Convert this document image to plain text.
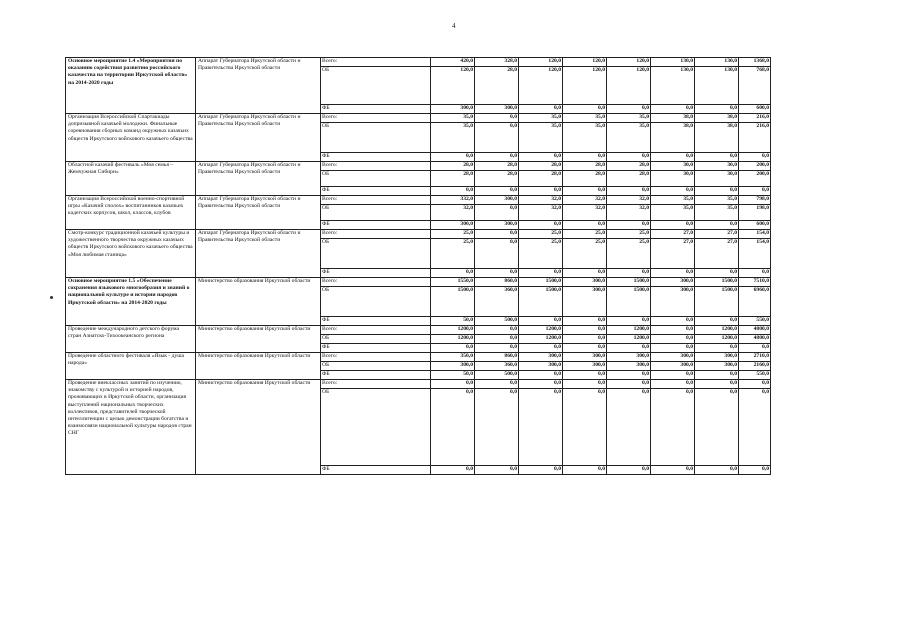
4
Основное мероприятие 1.4 «Мероприятия по оказанию содействия развитию российского казачества на территории Иркутской области» на 2014-2020 годы	Аппарат Губернатора Иркутской области и Правительства Иркутской области	Всего:	420,0	328,0	120,0	120,0	120,0	130,0	130,0	1368,0
		ОБ	120,0	28,0	120,0	120,0	120,0	130,0	130,0	768,0
		ФБ	300,0	300,0	0,0	0,0	0,0	0,0	0,0	600,0
Организация Всероссийской Спартакиады допризывной казачьей молодежи. Финальные соревнования сборных команд окружных казачьих обществ Иркутского войскового казачьего общества	Аппарат Губернатора Иркутской области и Правительства Иркутской области	Всего:	35,0	0,0	35,0	35,0	35,0	38,0	38,0	216,0
		ОБ	35,0	0,0	35,0	35,0	35,0	38,0	38,0	216,0
		ФБ	0,0	0,0	0,0	0,0	0,0	0,0	0,0	0,0
Областной казачий фестиваль «Моя семья – Жемчужная Сибири»	Аппарат Губернатора Иркутской области и Правительства Иркутской области	Всего:	28,0	28,0	28,0	28,0	28,0	30,0	30,0	200,0
		ОБ	28,0	28,0	28,0	28,0	28,0	30,0	30,0	200,0
		ФБ	0,0	0,0	0,0	0,0	0,0	0,0	0,0	0,0
Организация Всероссийской военно-спортивной игры «Казачий сполох» воспитанников казачьих кадетских корпусов, школ, классов, клубов	Аппарат Губернатора Иркутской области и Правительства Иркутской области	Всего:	332,0	300,0	32,0	32,0	32,0	35,0	35,0	798,0
		ОБ	32,0	0,0	32,0	32,0	32,0	35,0	35,0	198,0
		ФБ	300,0	300,0	0,0	0,0	0,0	0,0	0,0	600,0
Смотр-конкурс традиционной казачьей культуры и художественного творчества окружных казачьих обществ Иркутского войскового казачьего общества «Моя любимая станица»	Аппарат Губернатора Иркутской области и Правительства Иркутской области	Всего:	25,0	0,0	25,0	25,0	25,0	27,0	27,0	154,0
		ОБ	25,0	0,0	25,0	25,0	25,0	27,0	27,0	154,0
		ФБ	0,0	0,0	0,0	0,0	0,0	0,0	0,0	0,0
Основное мероприятие 1.5 «Обеспечение сохранения языкового многообразия и знаний о национальной культуре и истории народов Иркутской области» на 2014-2020 годы	Министерство образования Иркутской области	Всего:	1550,0	860,0	1500,0	300,0	1500,0	300,0	1500,0	7510,0
		ОБ	1500,0	360,0	1500,0	300,0	1500,0	300,0	1500,0	6960,0
		ФБ	50,0	500,0	0,0	0,0	0,0	0,0	0,0	550,0
Проведение международного детского форума стран Азиатско-Тихоокеанского региона	Министерство образования Иркутской области	Всего:	1200,0	0,0	1200,0	0,0	1200,0	0,0	1200,0	4800,0
		ОБ	1200,0	0,0	1200,0	0,0	1200,0	0,0	1200,0	4800,0
		ФБ	0,0	0,0	0,0	0,0	0,0	0,0	0,0	0,0
Проведение областного фестиваля «Язык - душа народа»	Министерство образования Иркутской области	Всего:	350,0	860,0	300,0	300,0	300,0	300,0	300,0	2710,0
		ОБ	300,0	360,0	300,0	300,0	300,0	300,0	300,0	2160,0
		ФБ	50,0	500,0	0,0	0,0	0,0	0,0	0,0	550,0
Проведение внеклассных занятий по изучению, знакомству с культурой и историей народов, проживающих в Иркутской области, организация выступлений национальных творческих коллективов, представителей творческой интеллигенции с целью демонстрации богатства и взаимосвязи национальной культуры народов стран СНГ	Министерство образования Иркутской области	Всего:	0,0	0,0	0,0	0,0	0,0	0,0	0,0	0,0
		ОБ	0,0	0,0	0,0	0,0	0,0	0,0	0,0	0,0
		ФБ	0,0	0,0	0,0	0,0	0,0	0,0	0,0	0,0
